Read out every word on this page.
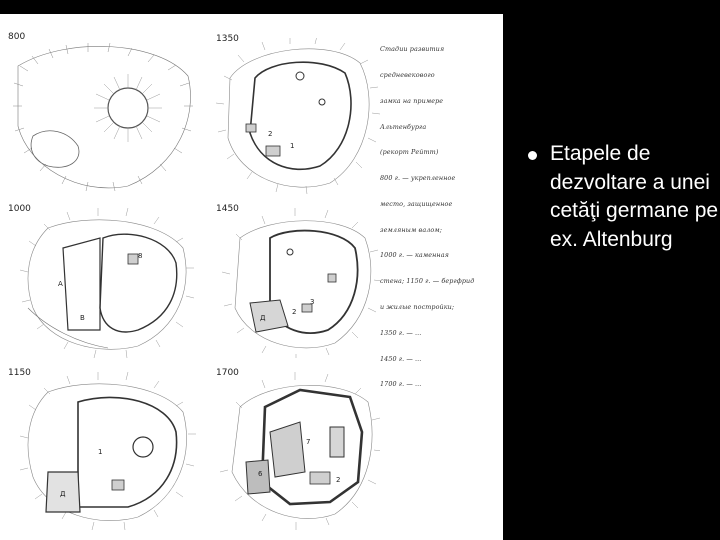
800	1350
2
1
1000
A
8
B
1450
Д
3
2
1150
Д
1
1700
6
7
2

Стадии развития

средневекового

замка на примере

Альтенбурга

(рекорт Рейтт)

800 г. — укрепленное

место, защищенное

земляным валом;

1000 г. — каменная

стена; 1150 г. — бергфрид

и жилые постройки;

1350 г. — ...

1450 г. — ...

1700 г. — ...

Etapele de dezvoltare a unei cetăţi germane pe ex. Altenburg
